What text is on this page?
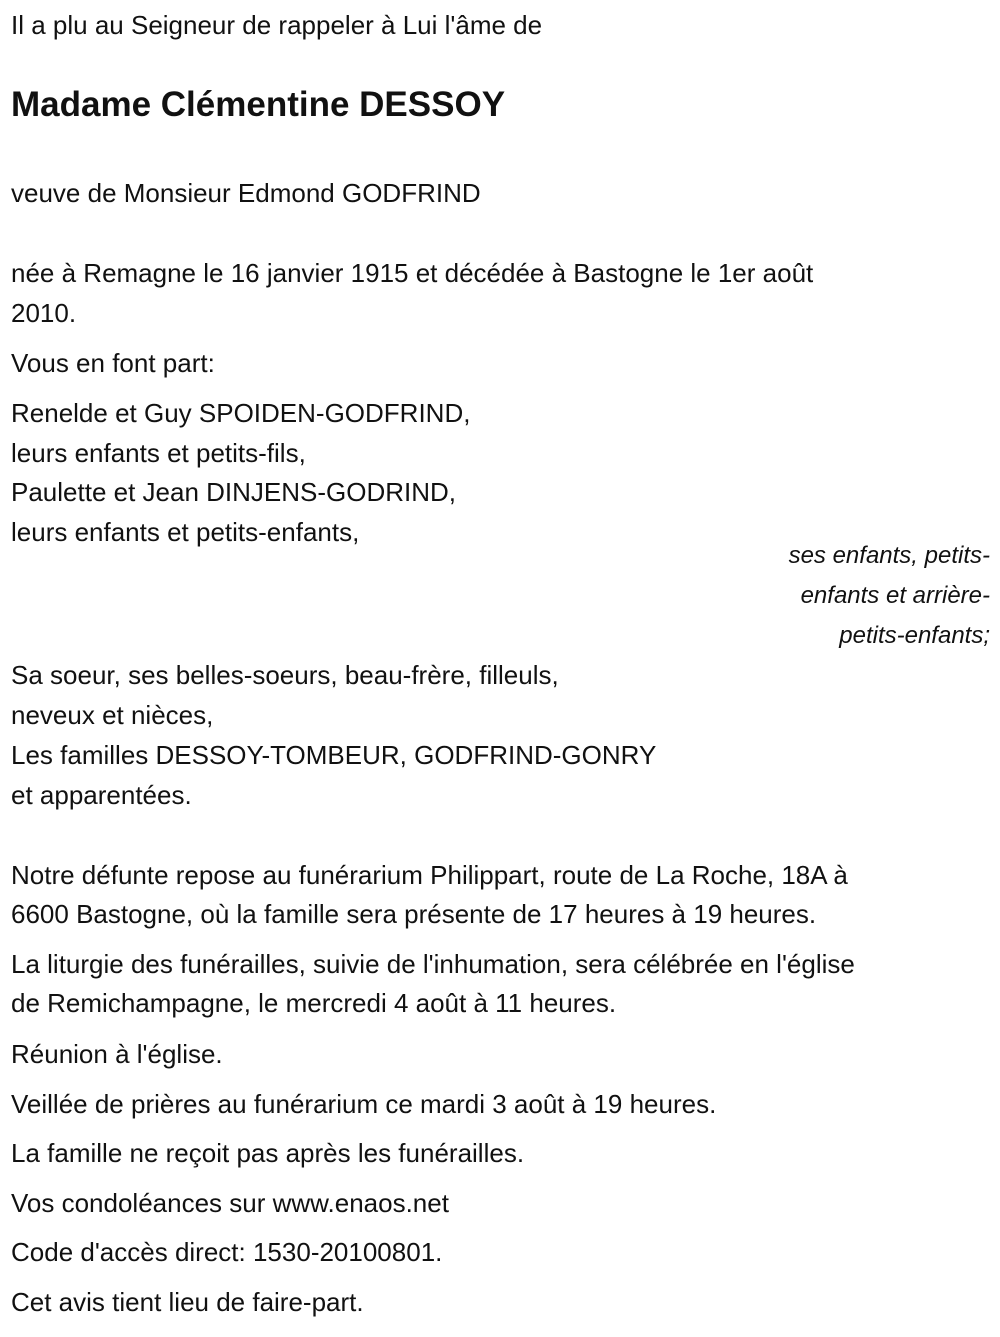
Il a plu au Seigneur de rappeler à Lui l'âme de
Madame Clémentine DESSOY
veuve de Monsieur Edmond GODFRIND
née à Remagne le 16 janvier 1915 et décédée à Bastogne le 1er août
2010.
Vous en font part:
Renelde et Guy SPOIDEN-GODFRIND,
leurs enfants et petits-fils,
Paulette et Jean DINJENS-GODRIND,
leurs enfants et petits-enfants,
ses enfants, petits-
enfants et arrière-
petits-enfants;
Sa soeur, ses belles-soeurs, beau-frère, filleuls,
neveux et nièces,
Les familles DESSOY-TOMBEUR, GODFRIND-GONRY
et apparentées.
Notre défunte repose au funérarium Philippart, route de La Roche, 18A à
6600 Bastogne, où la famille sera présente de 17 heures à 19 heures.
La liturgie des funérailles, suivie de l'inhumation, sera célébrée en l'église
de Remichampagne, le mercredi 4 août à 11 heures.
Réunion à l'église.
Veillée de prières au funérarium ce mardi 3 août à 19 heures.
La famille ne reçoit pas après les funérailles.
Vos condoléances sur www.enaos.net
Code d'accès direct: 1530-20100801.
Cet avis tient lieu de faire-part.
